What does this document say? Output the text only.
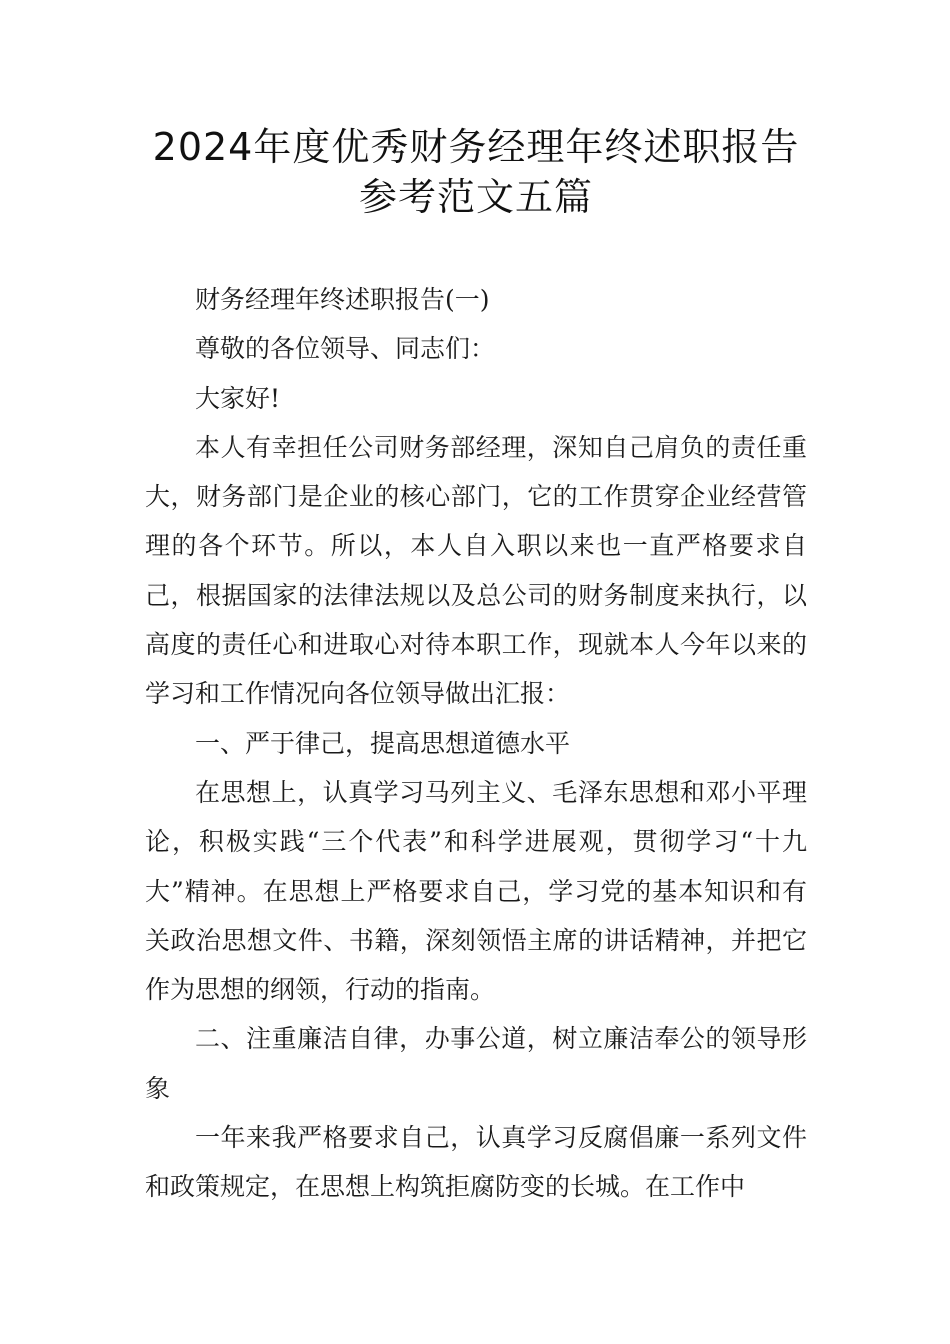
2024年度优秀财务经理年终述职报告参考范文五篇

财务经理年终述职报告(一)

尊敬的各位领导、同志们：

大家好!

本人有幸担任公司财务部经理，深知自己肩负的责任重大，财务部门是企业的核心部门，它的工作贯穿企业经营管理的各个环节。所以，本人自入职以来也一直严格要求自己，根据国家的法律法规以及总公司的财务制度来执行，以高度的责任心和进取心对待本职工作，现就本人今年以来的学习和工作情况向各位领导做出汇报：

一、严于律己，提高思想道德水平

在思想上，认真学习马列主义、毛泽东思想和邓小平理论，积极实践“三个代表”和科学进展观，贯彻学习“十九大”精神。在思想上严格要求自己，学习党的基本知识和有关政治思想文件、书籍，深刻领悟主席的讲话精神，并把它作为思想的纲领，行动的指南。

二、注重廉洁自律，办事公道，树立廉洁奉公的领导形象

一年来我严格要求自己，认真学习反腐倡廉一系列文件和政策规定，在思想上构筑拒腐防变的长城。在工作中
